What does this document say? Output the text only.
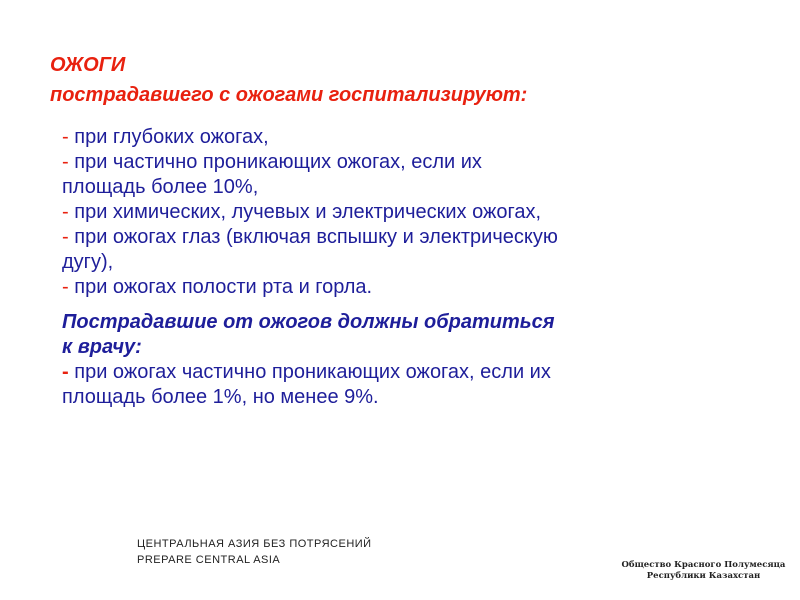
ОЖОГИ
пострадавшего с ожогами госпитализируют:
- при глубоких ожогах,
- при частично проникающих ожогах, если их
площадь более 10%,
- при химических, лучевых и электрических ожогах,
- при ожогах глаз (включая вспышку и электрическую
дугу),
- при ожогах полости рта и горла.
Пострадавшие от ожогов должны обратиться
к врачу:
- при ожогах частично проникающих ожогах, если их
площадь более 1%, но менее 9%.
ЦЕНТРАЛЬНАЯ АЗИЯ БЕЗ ПОТРЯСЕНИЙ
PREPARE CENTRAL ASIA	Общество Красного Полумесяца
Республики Казахстан
